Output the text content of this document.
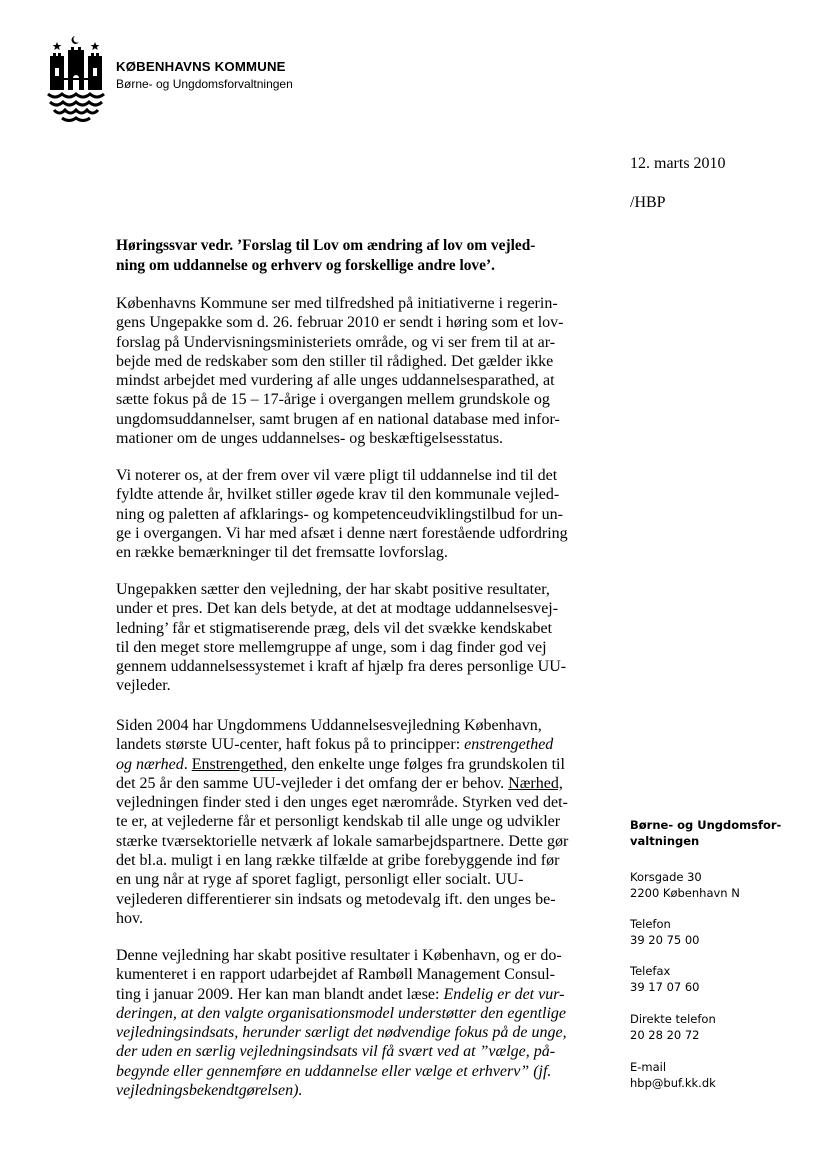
KØBENHAVNS KOMMUNE
Børne- og Ungdomsforvaltningen
12. marts 2010
/HBP
Høringssvar vedr. ’Forslag til Lov om ændring af lov om vejled-
ning om uddannelse og erhverv og forskellige andre love’.
Københavns Kommune ser med tilfredshed på initiativerne i regerin-
gens Ungepakke som d. 26. februar 2010 er sendt i høring som et lov-
forslag på Undervisningsministeriets område, og vi ser frem til at ar-
bejde med de redskaber som den stiller til rådighed. Det gælder ikke
mindst arbejdet med vurdering af alle unges uddannelsesparathed, at
sætte fokus på de 15 – 17-årige i overgangen mellem grundskole og
ungdomsuddannelser, samt brugen af en national database med infor-
mationer om de unges uddannelses- og beskæftigelsesstatus.
Vi noterer os, at der frem over vil være pligt til uddannelse ind til det
fyldte attende år, hvilket stiller øgede krav til den kommunale vejled-
ning og paletten af afklarings- og kompetenceudviklingstilbud for un-
ge i overgangen. Vi har med afsæt i denne nært forestående udfordring
en række bemærkninger til det fremsatte lovforslag.
Ungepakken sætter den vejledning, der har skabt positive resultater,
under et pres. Det kan dels betyde, at det at modtage uddannelsesvej-
ledning’ får et stigmatiserende præg, dels vil det svække kendskabet
til den meget store mellemgruppe af unge, som i dag finder god vej
gennem uddannelsessystemet i kraft af hjælp fra deres personlige UU-
vejleder.
Siden 2004 har Ungdommens Uddannelsesvejledning København,
landets største UU-center, haft fokus på to principper: enstrengethed
og nærhed. Enstrengethed, den enkelte unge følges fra grundskolen til
det 25 år den samme UU-vejleder i det omfang der er behov. Nærhed,
vejledningen finder sted i den unges eget nærområde. Styrken ved det-
te er, at vejlederne får et personligt kendskab til alle unge og udvikler
stærke tværsektorielle netværk af lokale samarbejdspartnere. Dette gør
det bl.a. muligt i en lang række tilfælde at gribe forebyggende ind før
en ung når at ryge af sporet fagligt, personligt eller socialt. UU-
vejlederen differentierer sin indsats og metodevalg ift. den unges be-
hov.
Denne vejledning har skabt positive resultater i København, og er do-
kumenteret i en rapport udarbejdet af Rambøll Management Consul-
ting i januar 2009. Her kan man blandt andet læse: Endelig er det vur-
deringen, at den valgte organisationsmodel understøtter den egentlige
vejledningsindsats, herunder særligt det nødvendige fokus på de unge,
der uden en særlig vejledningsindsats vil få svært ved at ”vælge, på-
begynde eller gennemføre en uddannelse eller vælge et erhverv” (jf.
vejledningsbekendtgørelsen).
Børne- og Ungdomsfor-
valtningen
Korsgade 30
2200 København N
Telefon
39 20 75 00
Telefax
39 17 07 60
Direkte telefon
20 28 20 72
E-mail
hbp@buf.kk.dk
